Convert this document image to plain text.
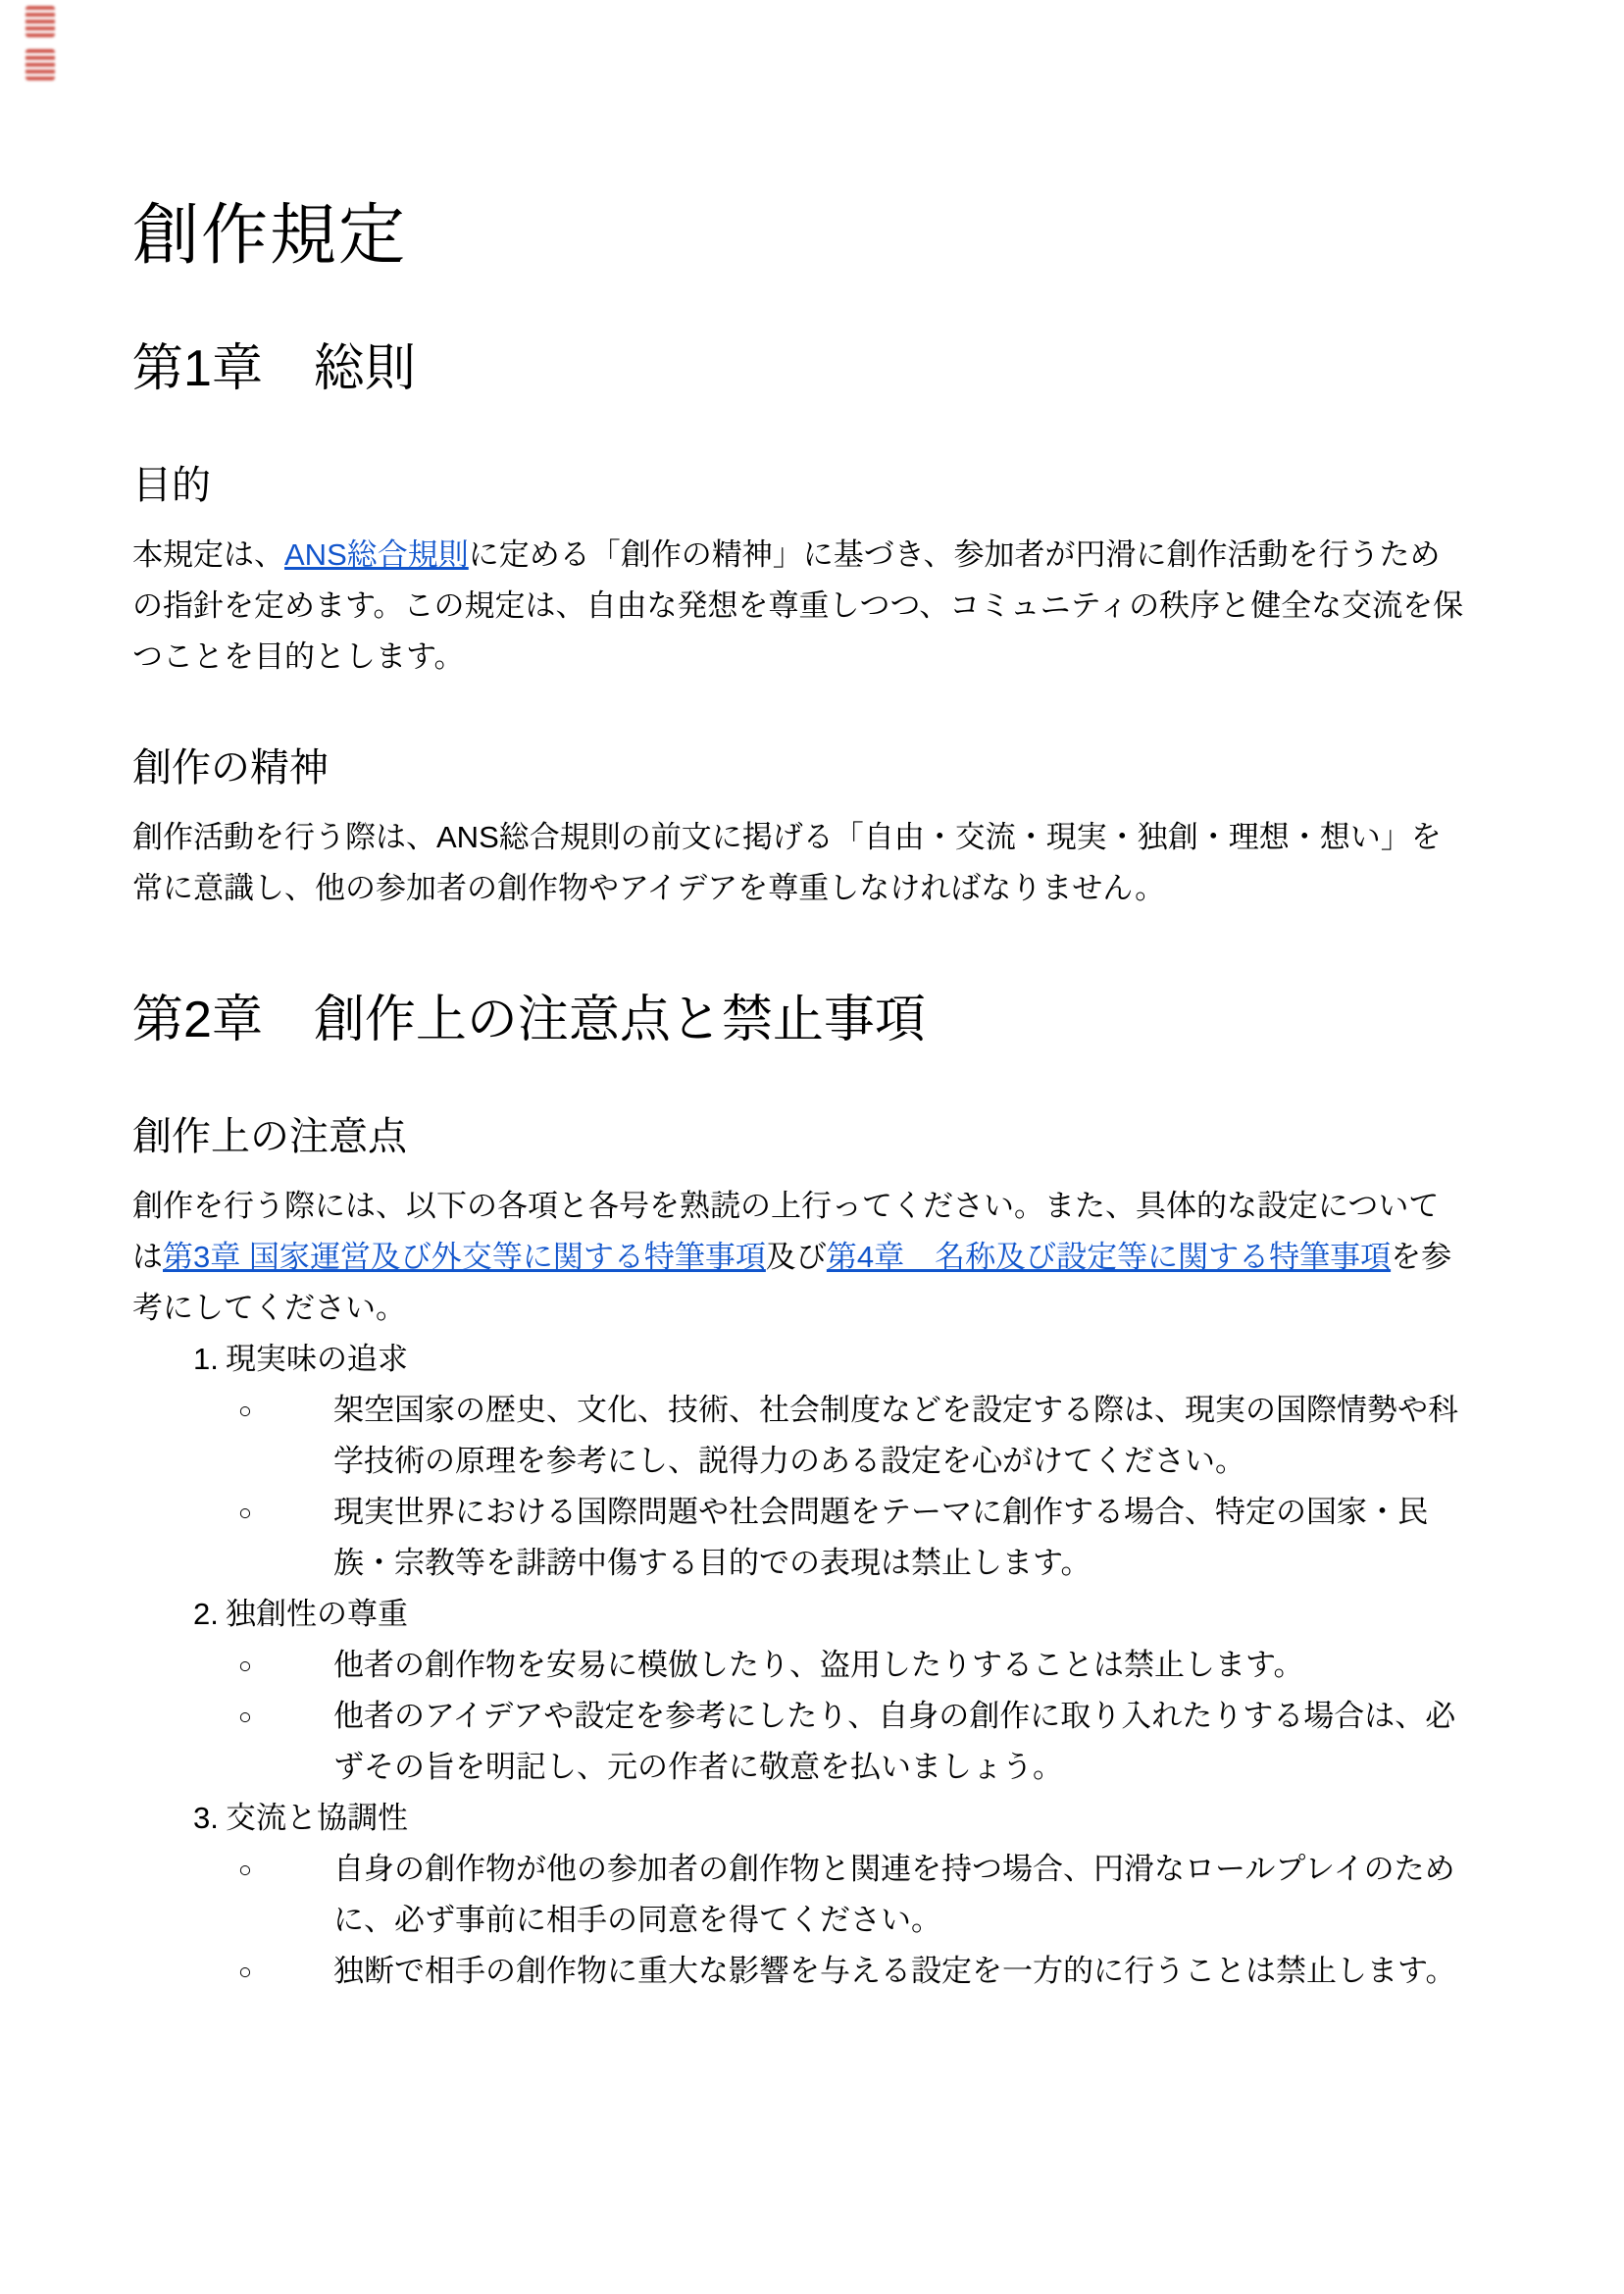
創作規定
第1章　総則
目的

本規定は、ANS総合規則に定める「創作の精神」に基づき、参加者が円滑に創作活動を行うための指針を定めます。この規定は、自由な発想を尊重しつつ、コミュニティの秩序と健全な交流を保つことを目的とします。

創作の精神

創作活動を行う際は、ANS総合規則の前文に掲げる「自由・交流・現実・独創・理想・想い」を常に意識し、他の参加者の創作物やアイデアを尊重しなければなりません。

第2章　創作上の注意点と禁止事項
創作上の注意点

創作を行う際には、以下の各項と各号を熟読の上行ってください。また、具体的な設定については第3章 国家運営及び外交等に関する特筆事項及び第4章　名称及び設定等に関する特筆事項を参考にしてください。

1. 現実味の追求
○	架空国家の歴史、文化、技術、社会制度などを設定する際は、現実の国際情勢や科学技術の原理を参考にし、説得力のある設定を心がけてください。
○	現実世界における国際問題や社会問題をテーマに創作する場合、特定の国家・民族・宗教等を誹謗中傷する目的での表現は禁止します。
2. 独創性の尊重
○	他者の創作物を安易に模倣したり、盗用したりすることは禁止します。
○	他者のアイデアや設定を参考にしたり、自身の創作に取り入れたりする場合は、必ずその旨を明記し、元の作者に敬意を払いましょう。
3. 交流と協調性
○	自身の創作物が他の参加者の創作物と関連を持つ場合、円滑なロールプレイのために、必ず事前に相手の同意を得てください。
○	独断で相手の創作物に重大な影響を与える設定を一方的に行うことは禁止します。
